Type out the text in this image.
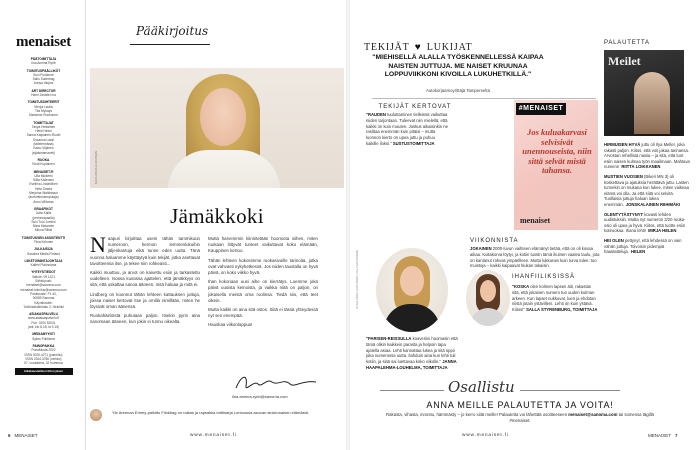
menaiset
PÄÄTOIMITTAJA
Ilna Armina Ryrib
TOIMITUSPÄÄLLIKÖT
Suvi Puolanne
Sallu Soderbag
Annya Varjani
ART DIRECTOR
Harni Jänisten na
TOIMITUSSIHTEERIT
Merjut Laulla
Tiia Myhays
Marianne Ruokonen
TOIMITTAJAT
Tanya Heikkinen
Heidi Helmi
Sanna Kaipainen-Ruuth
Susanna Lassi
(talletermissa)
Kaisu Viljanen
(sijaismamaveti)
RUOKA
Kirsti Kupiainen
MENAISET.FI
Ulla Muikemi
Sillia Kallerson
Evellina Lindahlihen
Heta Smeta
Merjoina Wahlisbaut
(äurtohtimusmputaja)
Annu Wilkman
GRAAFIKOT
Jutta Kallis
(perhevapaalla)
Suvi Tuui Jumiho
Niina Melander
Minna Riikki
TOIMITUKSEN ASSISTENTTI
Tiina Kirlonen
JULKAISIJA
Sanoma Media Finland
LIIKETOIMINTAJOHTAJA
Katleri Pukinolana
YHTEYSTIEDOT
Vaihde: 09 1221
Sähköposti:
menaiset@sanoma.com
menaiset.toimitus@sanoma.com
Postiosoite: PL 40,
00089 Sanoma
Käyntiosoite:
Toölönlahdenkatu 2, Helsinki
ASIAKASPALVELU
www.asiakaspalvelu.fi
Puh. 0200 52001
(ark. klo 8-18, la 9-15)
MEDIAMYYNTI
Sykes Publicera
PAINOPAIKKA
PunaMusta 2022
ISSN 0025-4271 (painettu)
ISSN 2344-3766 (verkko)
57. vuosikerta, 32 numeroa
Aikakauslehtien liiton jäsen
Pääkirjoitus
KUVA ANNA HUOVINEN
Jämäkkoki

Naapuri kirjoittaa usein tähän tammikuun numeroon, hermon lemmenlukuihin jäljenkantuja eikä tunne edes uutta. Tänä vuonna haluamme käyttäytyä kuin tekijät, jotka asettavat tavoitteensa itse, ja tekee niin rohkeasti...

Kaikki muuttuu, ja arvot on kaivettu esiin ja tarkastettu uudelleen. Isossa kuvassa ajattelen, että jämäkkyys on sitä, että uskaltaa sanoa ääneen, mitä haluaa ja mitä ei.

Lindberg on koonnut tähän lehteen kattauksen juttuja, joissa naiset kertovat itse ja omilla nimillään, miten he löysivät oman äänensä.

Ruokahäiriöistä puhutaan paljon. Itsekin pyrin aina sanomaan ääneen, kun jokin ei tunnu oikealta.

Mutta harvemmin kiinnitetään huomiota siihen, miten ruokaan liittyvät tunteet vaikuttavat koko elämään, Kauppinen kertoo.

Tähän lehteen kokosimme ruokasivuille tarinoita, jotka ovat vahvasti nykyhetkessä. Jos niiden taustalla on hyvä päivä, on koko viikko hyvä.

Ihan kokonaan uusi aihe on kierrätys. Luemme joka päivä uusista keinoista, ja vaikka niitä on paljon, on jokaisella meistä oma roolinsa. Tiedä siis, että teet oikein.

Mutta kaikki on aina sitä ostos. Siitä ei tässä yhteydessä nyt sen enempää.

Hauskaa viikonloppua!

ilna.armina-ryrib@sanoma.com
Yle Areenan Emmy-palkittu Flinkbag on raikas ja rapsakka brittisarja Lontoossa asuvan sinkkunaisen elämästä.
6 MENAISET	www.menaiset.fi
TEKIJÄT ♥ LUKIJAT
"MIEHISELLÄ ALALLA TYÖSKENNELLESSÄ KAIPAA NAISTEN JUTTUJA. ME NAISET KRUUNAA LOPPUVIIKKONI KIVOILLA LUKUHETKILLÄ."
Autokorjaamoyrittäjä Tampereelta
TEKIJÄT KERTOVAT
"RAUDEN tuuluttaminen tielleissä vaikuttaa niiden tarjontaan. Tuleevat niin mielellä, että kaikki on kuin muuten. Joskus aikaisinkin ne rasittaa enemmän kuin pitäisi – mutta luonnon kierto on upea juttu ja puhuu kaikille iloksi." SUSTUSTOIMITTAJA
#MENAISET
Jos kuluakarvasi selvisivät unennouseista, niin sittä selvät mistä tahansa.
menaiset
VIIKONNISTA
JOKAINEN 2000-luvun vaihteen elämänyt tietää, että on oli kovaa aikaa. Kultakorva löytyi, ja kotiin tuotiin tämä ikuinen vaalea taulu, jota on kantanut rahvas ympärilleen. Mutta lukkarain kuin turva tulee: tuo muistoja – kaikki kaipaavat hiukan takaisin.
"PARISEN-REISSULLA koaveriini huomasin että tämä olikin kaikkein parasta ja helpoin tapa ajatella asiaa. Lehti kannattaa lukea ja sitä oppii joka numerossa uutta. Ilahduin aina kun lehti tuli kotiin, ja siitä sai luettavaa koko viikolle." JANNA HAAPALEHMA-LOUHELMA, TOIMITTAJA
IHANFIILIKSISSÄ
"KOSKA olen kolmen lapsen äiti, rakastan sitä, että jokainen numero tuo uuden kulman arkeen. Kun lapset nukkuvat, luen ja ehdotan niistä jotain ystävilleni. Lehti on kuin ystävä. Kiitos!" SALLA STYRENBURG, TOIMITTAJA
Osallistu
ANNA MEILLE PALAUTETTA JA VOITA!
Rakasta, vihasta, innostu, hämmästy – jo kerro siitä meille! Palautetta voi lähettää osoitteeseen menaiset@sanoma.com tai somessa tägillä #menaiset.
PALAUTETTA
Meilet

HIRMUISEN HYVÄ juttu oli Ilya Meller, joka rakasti paljon. Kiitos, että voit jakaa tarinansa. Arvostan rehellisiä naisia – ja sitä, että tuot esiin naisen kulmaa työn maailmaan. Mahtava numero! RIITTA LOIKKANEN

MUSTIEN VUOSIEN (Bikeri MN 3) oli koskettava ja ajatuksia herättävä juttu. Lasten tunnekin on mukana kun lukee, miten vaikeaa elämä voi olla. Ja että siitä voi selvitä. Tuollaisia juttuja haluan lukea enemmän. JONSKALAINEN RIIHIMÄKI

OLENTYTÄSTYNYT kovasti lehden uudistuksiin. Mutta nyt numeron 3/20 ruoka-osio oli upea ja hyvä. Kiitos, että tuotte esiin kotiruokaa. Ihana lehti! MIRJA HELEN

HEI OLEN pettynyt, että lehdessä on vain vähän juttuja. Toivoisin pidempiä haastatteluja. HELEN

KUVA ANNA HUOVINEN, OLLI SALONIEMI
www.menaiset.fi	MENAISET 7
